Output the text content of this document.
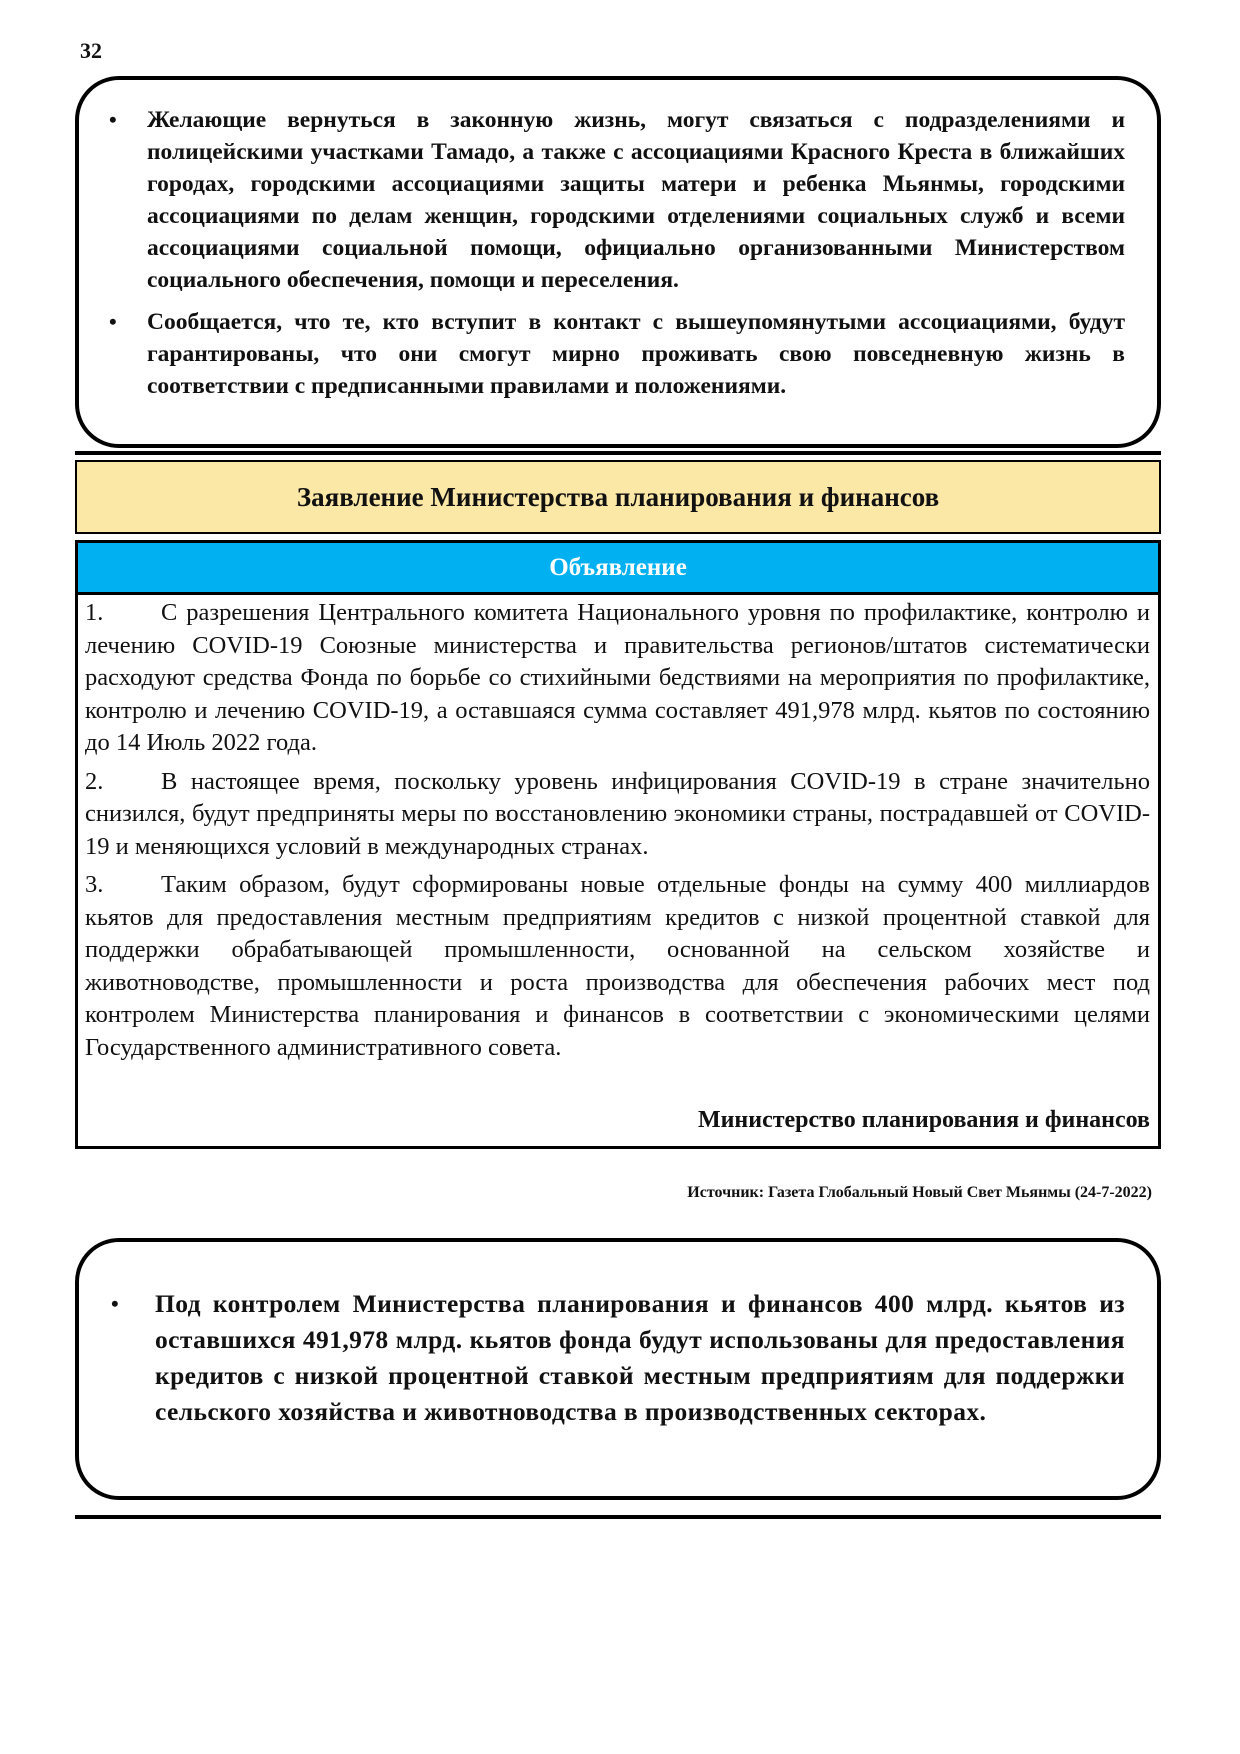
32
• Желающие вернуться в законную жизнь, могут связаться с подразделениями и полицейскими участками Тамадо, а также с ассоциациями Красного Креста в ближайших городах, городскими ассоциациями защиты матери и ребенка Мьянмы, городскими ассоциациями по делам женщин, городскими отделениями социальных служб и всеми ассоциациями социальной помощи, официально организованными Министерством социального обеспечения, помощи и переселения.
• Сообщается, что те, кто вступит в контакт с вышеупомянутыми ассоциациями, будут гарантированы, что они смогут мирно проживать свою повседневную жизнь в соответствии с предписанными правилами и положениями.
Заявление Министерства планирования и финансов
Объявление

1. С разрешения Центрального комитета Национального уровня по профилактике, контролю и лечению COVID-19 Союзные министерства и правительства регионов/штатов систематически расходуют средства Фонда по борьбе со стихийными бедствиями на мероприятия по профилактике, контролю и лечению COVID-19, а оставшаяся сумма составляет 491,978 млрд. кьятов по состоянию до 14 Июль 2022 года.

2. В настоящее время, поскольку уровень инфицирования COVID-19 в стране значительно снизился, будут предприняты меры по восстановлению экономики страны, пострадавшей от COVID-19 и меняющихся условий в международных странах.

3. Таким образом, будут сформированы новые отдельные фонды на сумму 400 миллиардов кьятов для предоставления местным предприятиям кредитов с низкой процентной ставкой для поддержки обрабатывающей промышленности, основанной на сельском хозяйстве и животноводстве, промышленности и роста производства для обеспечения рабочих мест под контролем Министерства планирования и финансов в соответствии с экономическими целями Государственного административного совета.

Министерство планирования и финансов
Источник: Газета Глобальный Новый Свет Мьянмы (24-7-2022)
• Под контролем Министерства планирования и финансов 400 млрд. кьятов из оставшихся 491,978 млрд. кьятов фонда будут использованы для предоставления кредитов с низкой процентной ставкой местным предприятиям для поддержки сельского хозяйства и животноводства в производственных секторах.
